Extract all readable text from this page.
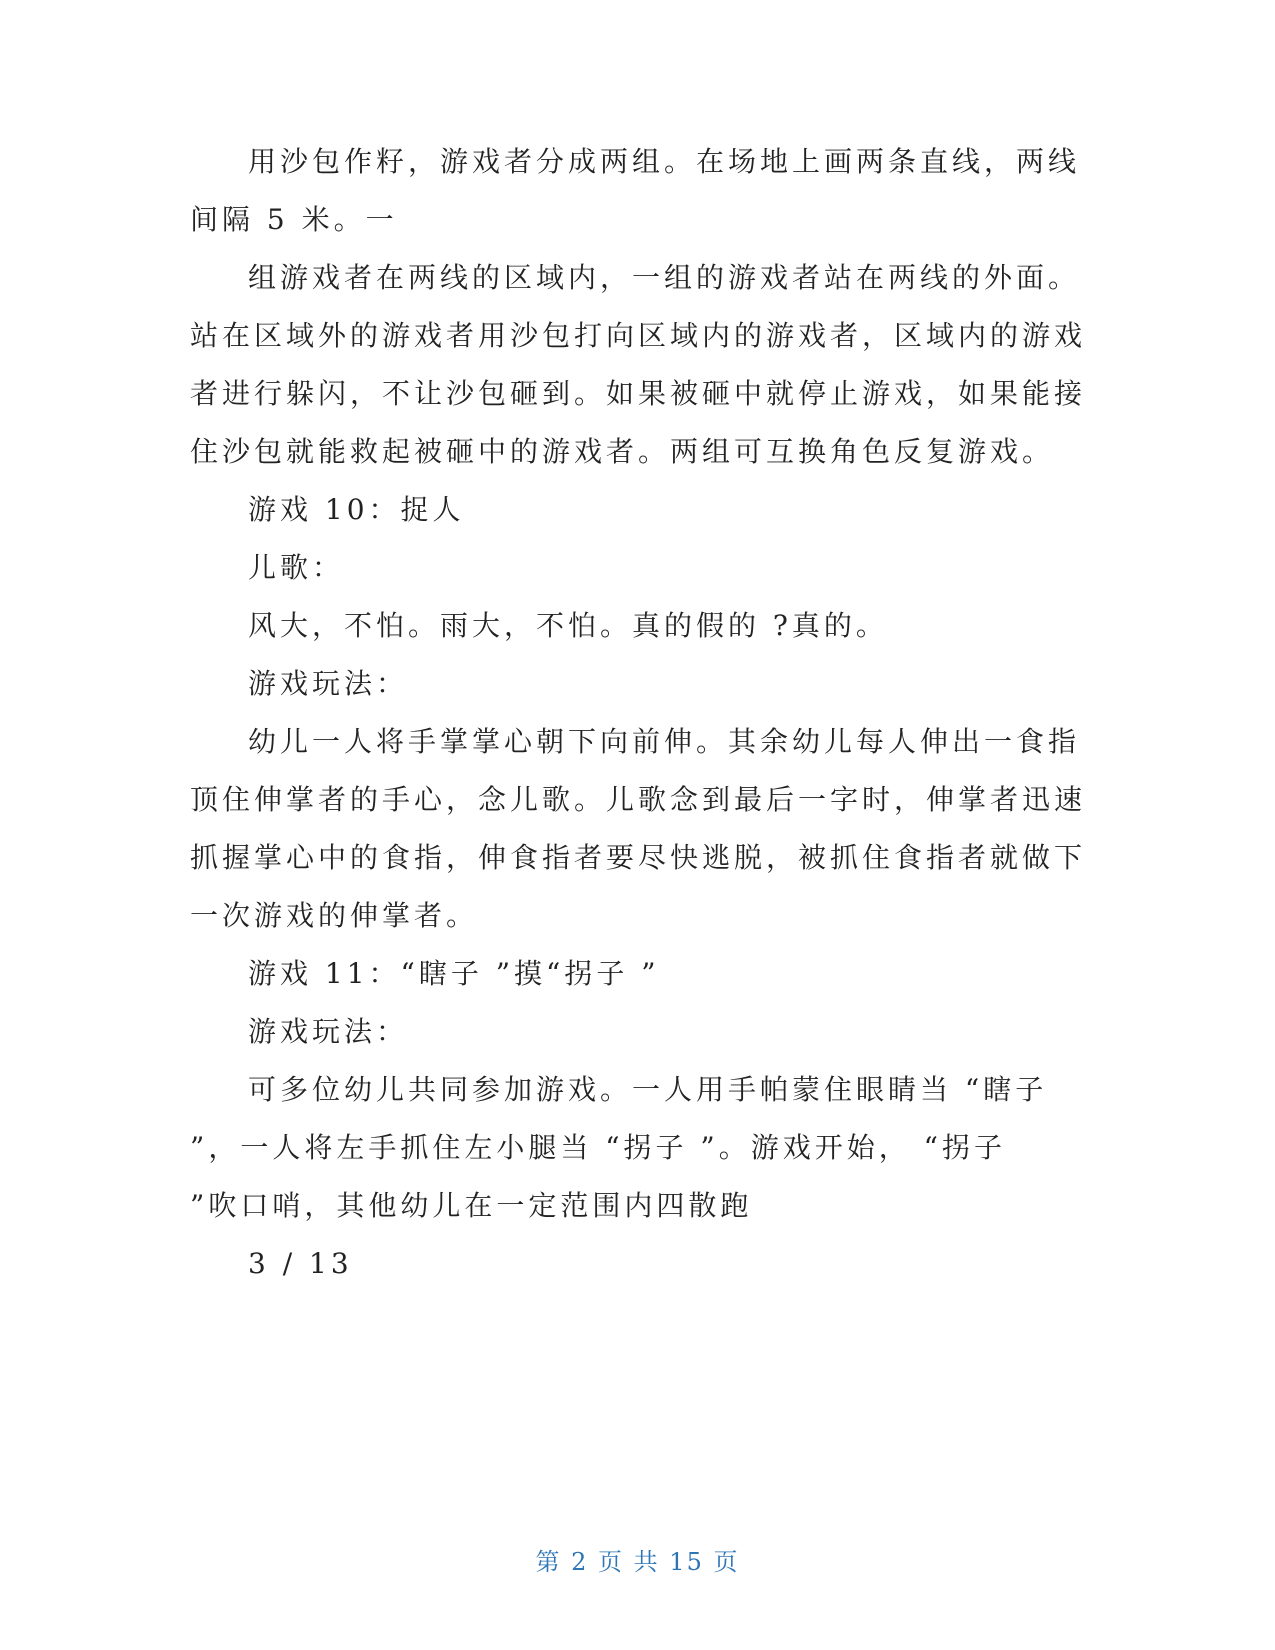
用沙包作籽，游戏者分成两组。在场地上画两条直线，两线
间隔 5 米。一
组游戏者在两线的区域内，一组的游戏者站在两线的外面。
站在区域外的游戏者用沙包打向区域内的游戏者，区域内的游戏
者进行躲闪，不让沙包砸到。如果被砸中就停止游戏，如果能接
住沙包就能救起被砸中的游戏者。两组可互换角色反复游戏。
游戏 10：捉人
儿歌：
风大，不怕。雨大，不怕。真的假的 ?真的。
游戏玩法：
幼儿一人将手掌掌心朝下向前伸。其余幼儿每人伸出一食指
顶住伸掌者的手心，念儿歌。儿歌念到最后一字时，伸掌者迅速
抓握掌心中的食指，伸食指者要尽快逃脱，被抓住食指者就做下
一次游戏的伸掌者。
游戏 11：“瞎子 ”摸“拐子 ”
游戏玩法：
可多位幼儿共同参加游戏。一人用手帕蒙住眼睛当 “瞎子
”，一人将左手抓住左小腿当 “拐子 ”。游戏开始， “拐子
”吹口哨，其他幼儿在一定范围内四散跑
3 / 13
第 2 页 共 15 页
